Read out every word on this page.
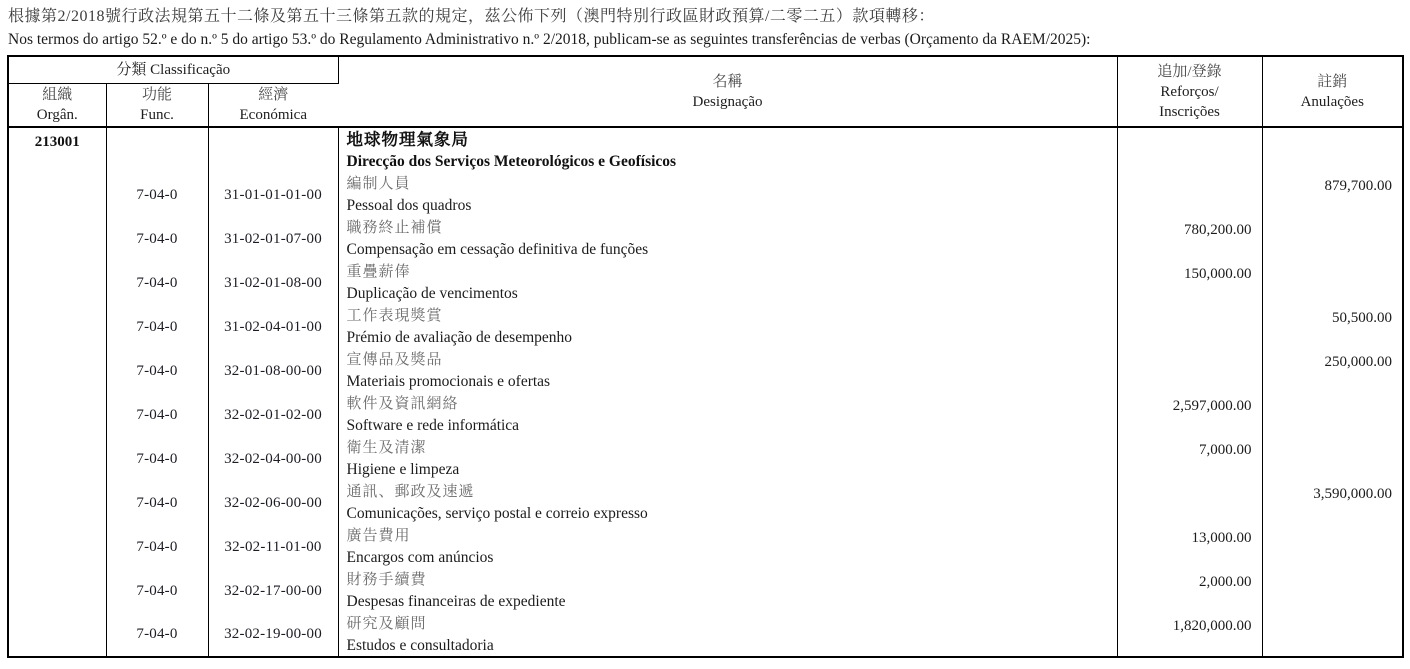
根據第2/2018號行政法規第五十二條及第五十三條第五款的規定，茲公佈下列（澳門特別行政區財政預算/二零二五）款項轉移：
Nos termos do artigo 52.º e do n.º 5 do artigo 53.º do Regulamento Administrativo n.º 2/2018, publicam-se as seguintes transferências de verbas (Orçamento da RAEM/2025):
分類 Classificação			名稱
Designação	追加/登錄
Reforços/
Inscrições	註銷
Anulações

組織
Orgân.	功能
Func.	經濟
Económica			

213001			地球物理氣象局
Direcção dos Serviços Meteorológicos e Geofísicos		

	7-04-0	31-01-01-01-00	編制人員
Pessoal dos quadros		879,700.00
	7-04-0	31-02-01-07-00	職務終止補償
Compensação em cessação definitiva de funções	780,200.00	
	7-04-0	31-02-01-08-00	重疊薪俸
Duplicação de vencimentos	150,000.00	
	7-04-0	31-02-04-01-00	工作表現獎賞
Prémio de avaliação de desempenho		50,500.00
	7-04-0	32-01-08-00-00	宣傳品及獎品
Materiais promocionais e ofertas		250,000.00
	7-04-0	32-02-01-02-00	軟件及資訊網絡
Software e rede informática	2,597,000.00	
	7-04-0	32-02-04-00-00	衛生及清潔
Higiene e limpeza	7,000.00	
	7-04-0	32-02-06-00-00	通訊、郵政及速遞
Comunicações, serviço postal e correio expresso		3,590,000.00
	7-04-0	32-02-11-01-00	廣告費用
Encargos com anúncios	13,000.00	
	7-04-0	32-02-17-00-00	財務手續費
Despesas financeiras de expediente	2,000.00	
	7-04-0	32-02-19-00-00	研究及顧問
Estudos e consultadoria	1,820,000.00	
